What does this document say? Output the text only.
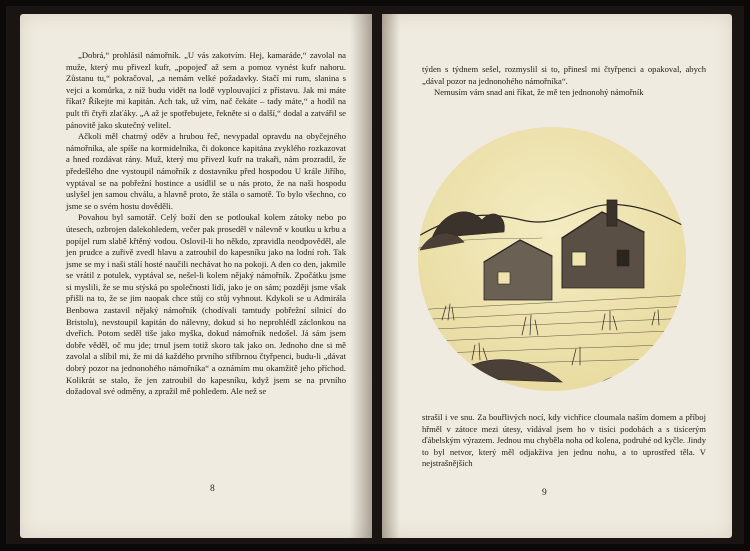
„Dobrá,“ prohlásil námořník. „U vás zakotvím. Hej, kamaráde,“ zavolal na muže, který mu přivezl kufr, „popojeď až sem a pomoz vynést kufr nahoru. Zůstanu tu,“ pokračoval, „a nemám velké požadavky. Stačí mi rum, slanina s vejci a komůrka, z níž budu vidět na lodě vyplouvající z přístavu. Jak mi máte říkat? Říkejte mi kapitán. Ach tak, už vím, nač čekáte – tady máte,“ a hodil na pult tři čtyři zlaťáky. „A až je spotřebujete, řekněte si o další,“ dodal a zatvářil se pánovitě jako skutečný velitel.

Ačkoli měl chatrný oděv a hrubou řeč, nevypadal opravdu na obyčejného námořníka, ale spíše na kormidelníka, či dokonce kapitána zvyklého rozkazovat a hned rozdávat rány. Muž, který mu přivezl kufr na trakaři, nám prozradil, že předešlého dne vystoupil námořník z dostavníku před hospodou U krále Jiřího, vyptával se na pobřežní hostince a usídlil se u nás proto, že na naši hospodu uslyšel jen samou chválu, a hlavně proto, že stála o samotě. To bylo všechno, co jsme se o svém hostu dověděli.

Povahou byl samotář. Celý boží den se potloukal kolem zátoky nebo po útesech, ozbrojen dalekohledem, večer pak proseděl v nálevně v koutku u krbu a popíjel rum slabě křtěný vodou. Oslovil-li ho někdo, zpravidla neodpověděl, ale jen prudce a zuřivě zvedl hlavu a zatroubil do kapesníku jako na lodní roh. Tak jsme se my i naši stálí hosté naučili nechávat ho na pokoji. A den co den, jakmile se vrátil z potulek, vyptával se, nešel-li kolem nějaký námořník. Zpočátku jsme si myslili, že se mu stýská po společnosti lidí, jako je on sám; později jsme však přišli na to, že se jim naopak chce stůj co stůj vyhnout. Kdykoli se u Admirála Benbowa zastavil nějaký námořník (chodívali tamtudy pobřežní silnicí do Bristolu), nevstoupil kapitán do nálevny, dokud si ho neprohlédl záclonkou na dveřích. Potom seděl tiše jako myška, dokud námořník nedošel. Já sám jsem dobře věděl, oč mu jde; trnul jsem totiž skoro tak jako on. Jednoho dne si mě zavolal a slíbil mi, že mi dá každého prvního stříbrnou čtyřpenci, budu-li „dávat dobrý pozor na jednonohého námořníka“ a oznámím mu okamžitě jeho příchod. Kolikrát se stalo, že jen zatroubil do kapesníku, když jsem se na prvního dožadoval své odměny, a zpražil mě pohledem. Ale než se

8

týden s týdnem sešel, rozmyslil si to, přinesl mi čtyřpenci a opakoval, abych „dával pozor na jednonohého námořníka“.

Nemusím vám snad ani říkat, že mě ten jednonohý námořník

strašil i ve snu. Za bouřlivých nocí, kdy vichřice cloumala naším domem a příboj hřměl v zátoce mezi útesy, vídával jsem ho v tisíci podobách a s tisícerým ďábelským výrazem. Jednou mu chyběla noha od kolena, podruhé od kyčle. Jindy to byl netvor, který měl odjakživa jen jednu nohu, a to uprostřed těla. V nejstrašnějších

9
